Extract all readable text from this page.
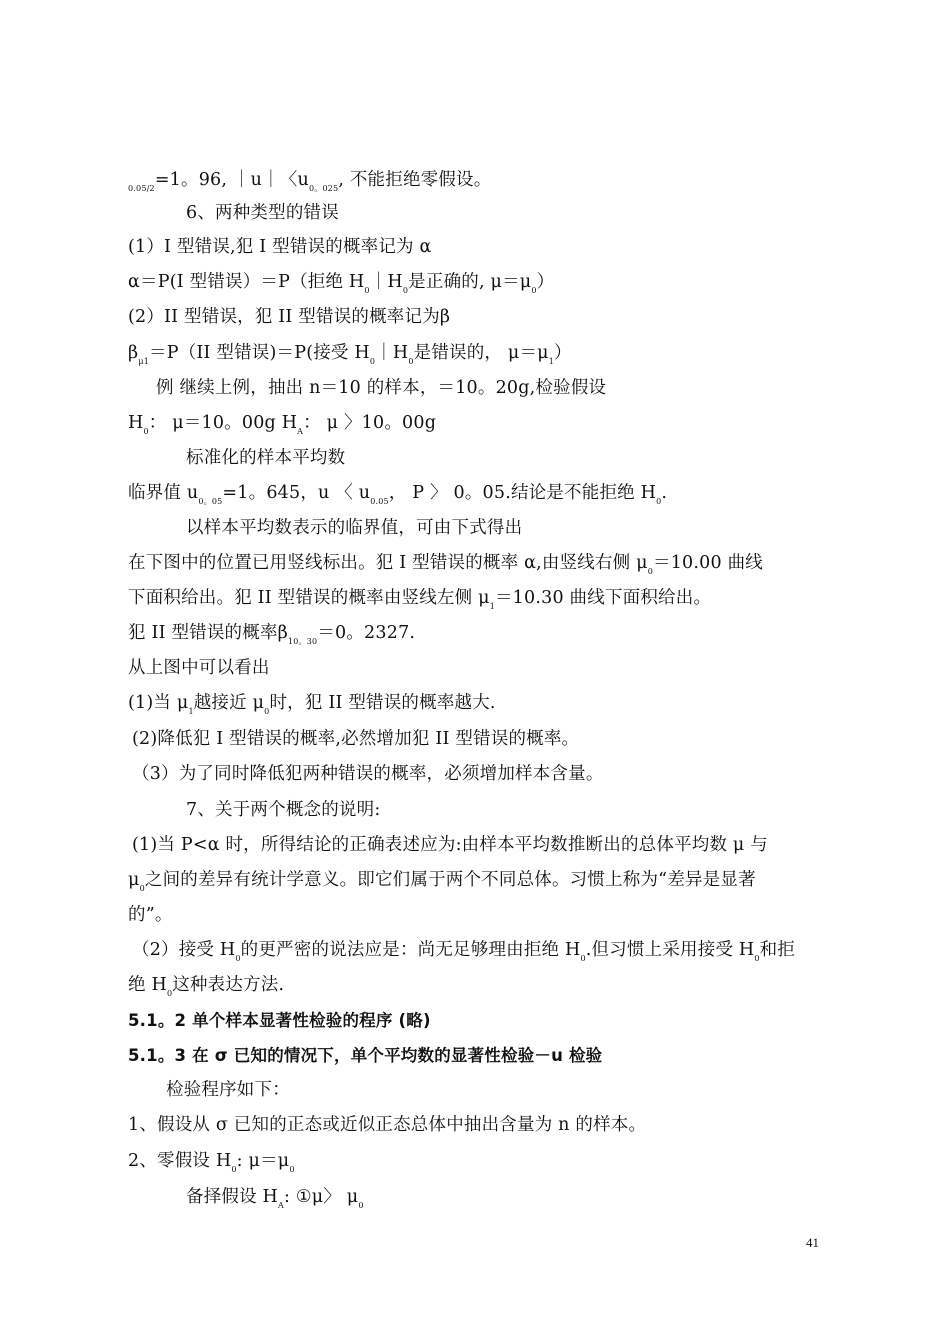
$_{0.05/2}$=1。96, ｜u｜〈$u_{0。025}$, 不能拒绝零假设。
6、两种类型的错误
(1）I 型错误,犯 I 型错误的概率记为 α
α＝P(I 型错误）＝P（拒绝 $H_0|H_0$是正确的, $\mu=\mu_0$）
(2）II 型错误，犯 II 型错误的概率记为β
$\beta_{\mu 1}=P(II$ 型错误)＝P(接受 $H_0|H_0$是错误的， $\mu=\mu_1$）
例 继续上例，抽出 n＝10 的样本，＝10。20g,检验假设
$H_0$： μ＝10。00g $H_A$： μ 〉10。00g
标准化的样本平均数
临界值 $u_{0。05}=1$。645，u 〈 $u_{0.05}$， P 〉 0。05.结论是不能拒绝 $H_0$.
以样本平均数表示的临界值，可由下式得出
在下图中的位置已用竖线标出。犯 I 型错误的概率 α,由竖线右侧 $\mu_0=10.00$ 曲线
下面积给出。犯 II 型错误的概率由竖线左侧 $\mu_1=10.30$ 曲线下面积给出。
犯 II 型错误的概率$\beta_{10。30}=0$。2327.
从上图中可以看出
(1)当 $\mu_1$越接近 $\mu_0$时，犯 II 型错误的概率越大.
(2)降低犯 I 型错误的概率,必然增加犯 II 型错误的概率。
（3）为了同时降低犯两种错误的概率，必须增加样本含量。
7、关于两个概念的说明:
(1)当 P<α 时，所得结论的正确表述应为:由样本平均数推断出的总体平均数 μ 与
$\mu_0$之间的差异有统计学意义。即它们属于两个不同总体。习惯上称为“差异是显著
的”。
（2）接受 $H_0$的更严密的说法应是：尚无足够理由拒绝 $H_0$.但习惯上采用接受 $H_0$和拒
绝 $H_0$这种表达方法.
5.1。2 单个样本显著性检验的程序 (略)
5.1。3 在 σ 已知的情况下，单个平均数的显著性检验－u 检验
检验程序如下：
1、假设从 σ 已知的正态或近似正态总体中抽出含量为 n 的样本。
2、零假设 $H_0$: $\mu=\mu_0$
备择假设 $H_A$: ①μ〉 $\mu_0$
41
